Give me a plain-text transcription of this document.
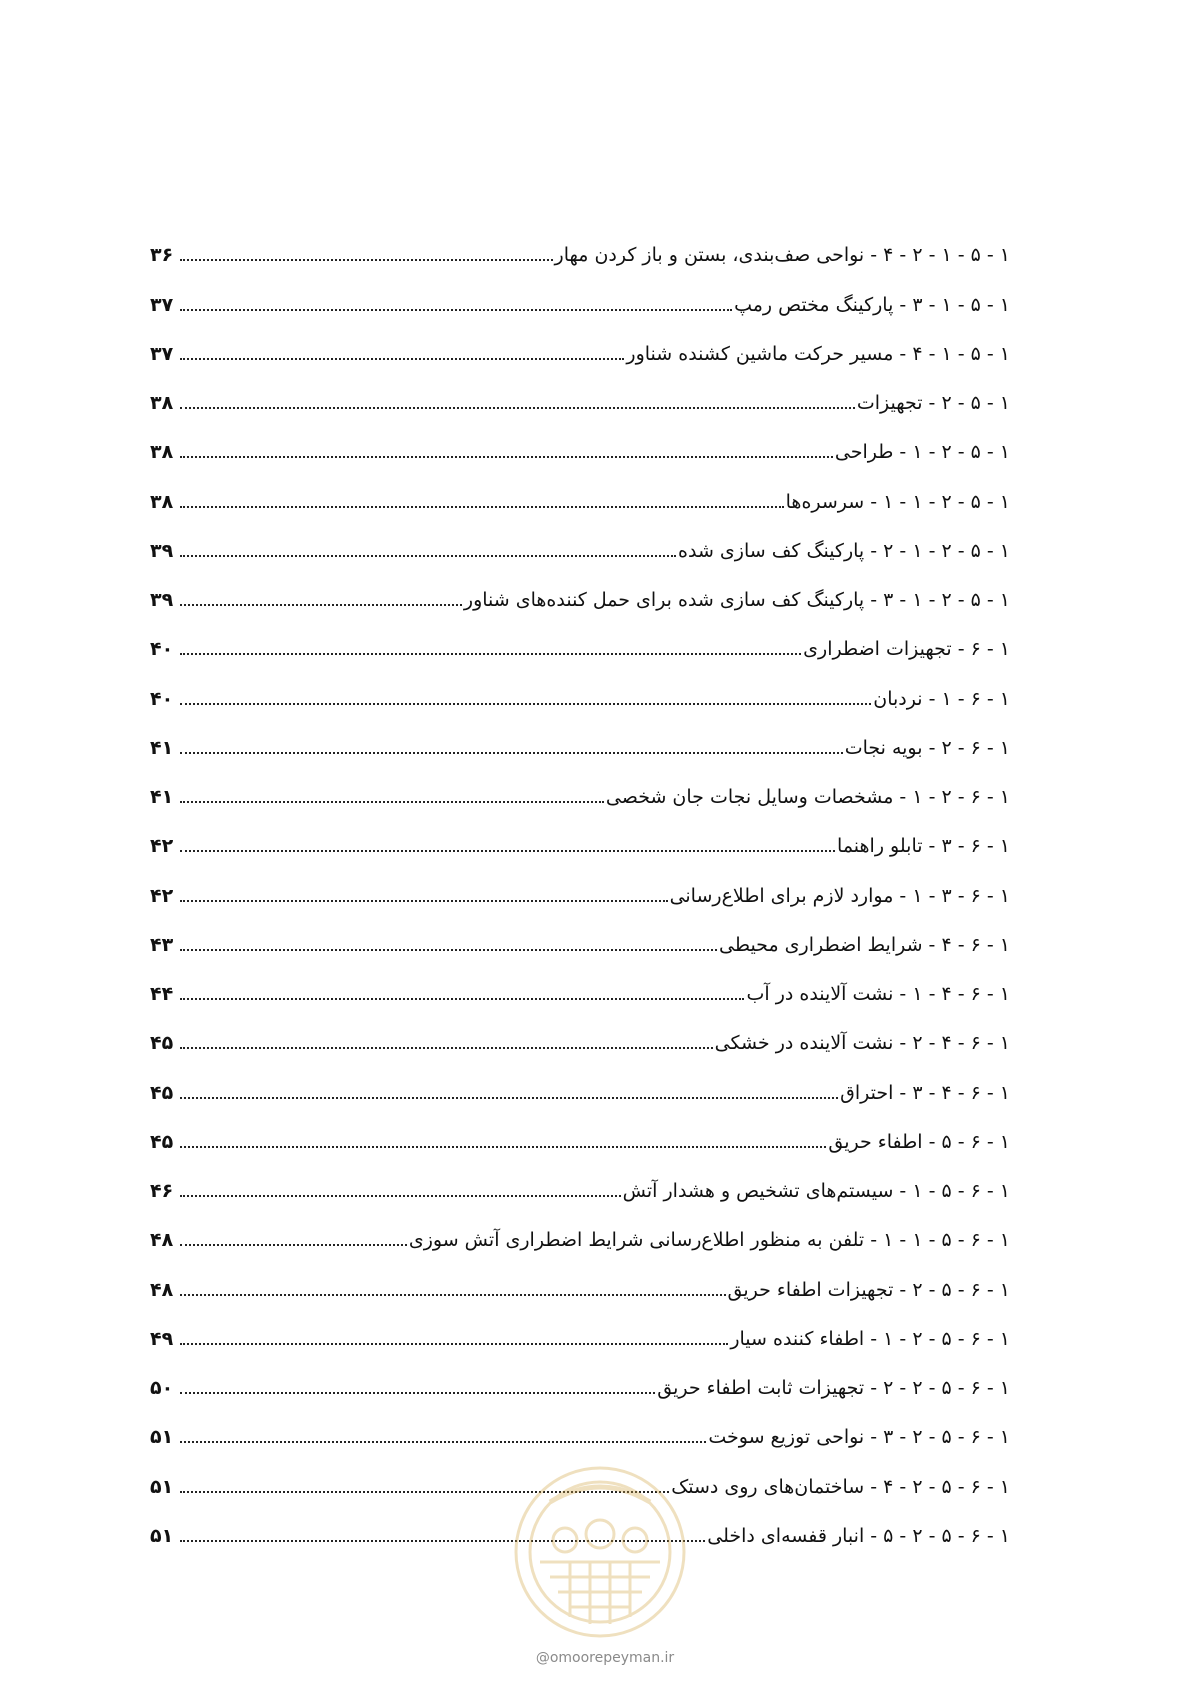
۱ - ۵ - ۱ - ۲ - ۴ - نواحی صف‌بندی، بستن و باز کردن مهار
۳۶
۱ - ۵ - ۱ - ۳ - پارکینگ مختص رمپ
۳۷
۱ - ۵ - ۱ - ۴ - مسیر حرکت ماشین کشنده شناور
۳۷
۱ - ۵ - ۲ - تجهیزات
۳۸
۱ - ۵ - ۲ - ۱ - طراحی
۳۸
۱ - ۵ - ۲ - ۱ - ۱ - سرسره‌ها
۳۸
۱ - ۵ - ۲ - ۱ - ۲ - پارکینگ کف سازی شده
۳۹
۱ - ۵ - ۲ - ۱ - ۳ - پارکینگ کف سازی شده برای حمل کننده‌های شناور
۳۹
۱ - ۶ - تجهیزات اضطراری
۴۰
۱ - ۶ - ۱ - نردبان
۴۰
۱ - ۶ - ۲ - بویه نجات
۴۱
۱ - ۶ - ۲ - ۱ - مشخصات وسایل نجات جان شخصی
۴۱
۱ - ۶ - ۳ - تابلو راهنما
۴۲
۱ - ۶ - ۳ - ۱ - موارد لازم برای اطلاع‌رسانی
۴۲
۱ - ۶ - ۴ - شرایط اضطراری محیطی
۴۳
۱ - ۶ - ۴ - ۱ - نشت آلاینده در آب
۴۴
۱ - ۶ - ۴ - ۲ - نشت آلاینده در خشکی
۴۵
۱ - ۶ - ۴ - ۳ - احتراق
۴۵
۱ - ۶ - ۵ - اطفاء حریق
۴۵
۱ - ۶ - ۵ - ۱ - سیستم‌های تشخیص و هشدار آتش
۴۶
۱ - ۶ - ۵ - ۱ - ۱ - تلفن به منظور اطلاع‌رسانی شرایط اضطراری آتش سوزی
۴۸
۱ - ۶ - ۵ - ۲ - تجهیزات اطفاء حریق
۴۸
۱ - ۶ - ۵ - ۲ - ۱ - اطفاء کننده سیار
۴۹
۱ - ۶ - ۵ - ۲ - ۲ - تجهیزات ثابت اطفاء حریق
۵۰
۱ - ۶ - ۵ - ۲ - ۳ - نواحی توزیع سوخت
۵۱
۱ - ۶ - ۵ - ۲ - ۴ - ساختمان‌های روی دستک
۵۱
۱ - ۶ - ۵ - ۲ - ۵ - انبار قفسه‌ای داخلی
۵۱
@omoorepeyman.ir
